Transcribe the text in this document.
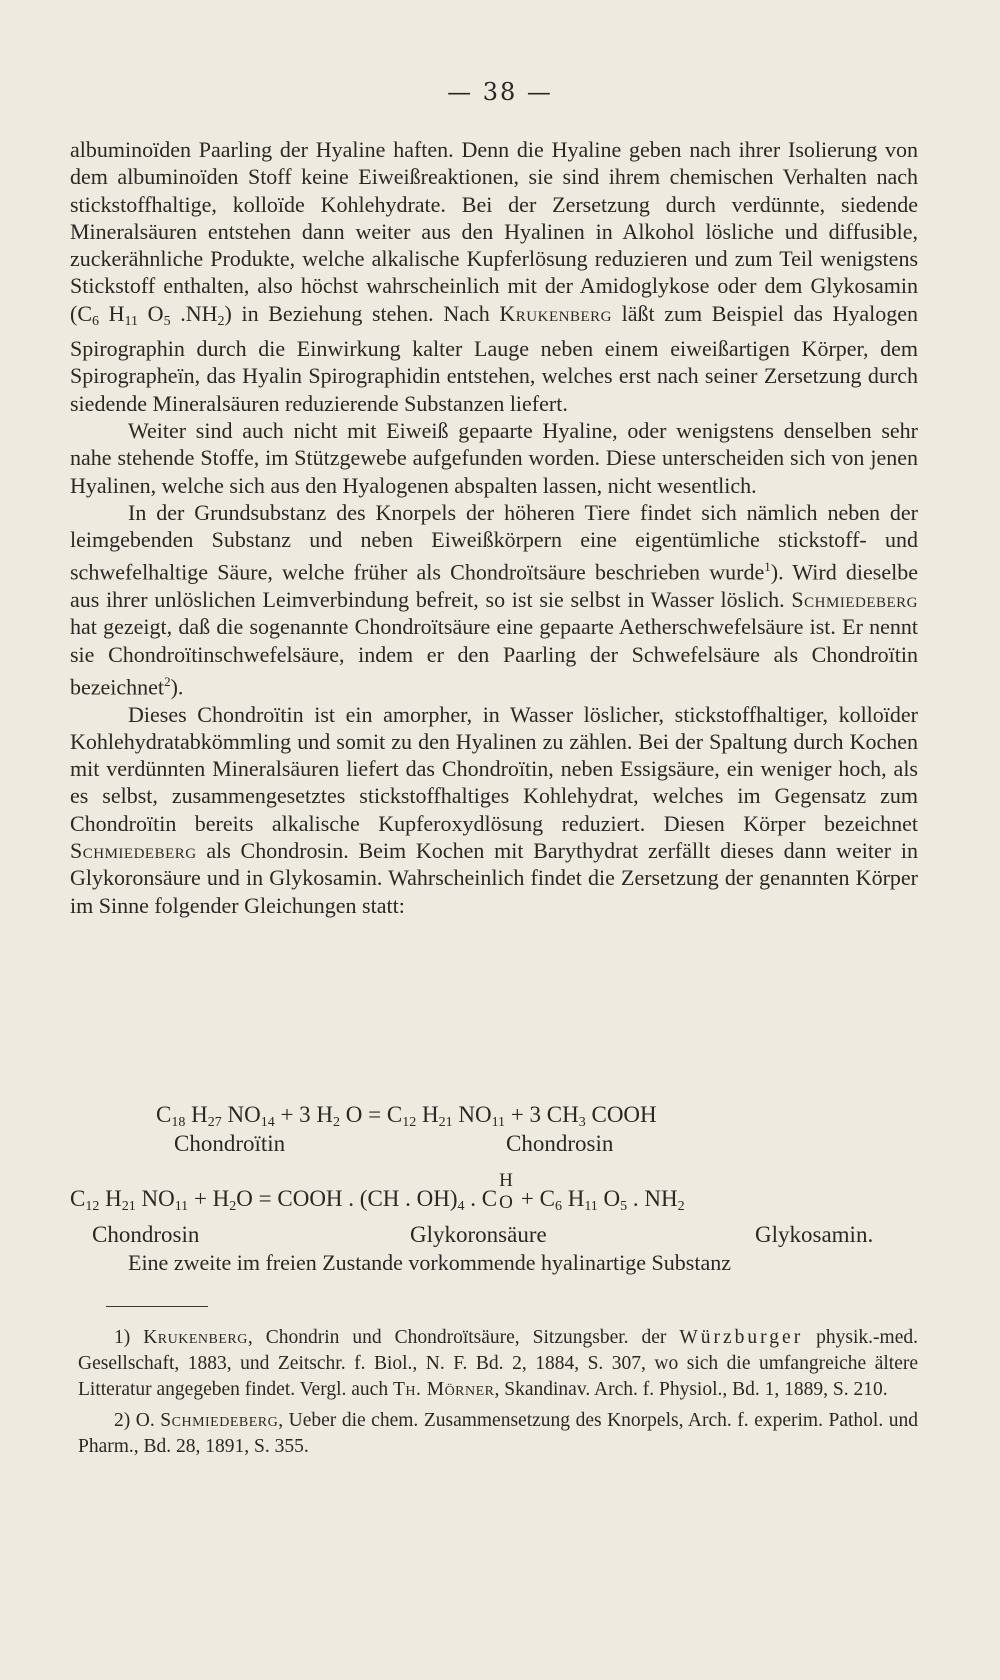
— 38 —

albuminoïden Paarling der Hyaline haften. Denn die Hyaline geben nach ihrer Isolierung von dem albuminoïden Stoff keine Eiweißreaktionen, sie sind ihrem chemischen Verhalten nach stickstoffhaltige, kolloïde Kohlehydrate. Bei der Zersetzung durch verdünnte, siedende Mineralsäuren entstehen dann weiter aus den Hyalinen in Alkohol lösliche und diffusible, zuckerähnliche Produkte, welche alkalische Kupferlösung reduzieren und zum Teil wenigstens Stickstoff enthalten, also höchst wahrscheinlich mit der Amidoglykose oder dem Glykosamin ($C_6$ $H_{11}$ $O_5$ $.NH_2$) in Beziehung stehen. Nach Krukenberg läßt zum Beispiel das Hyalogen Spirographin durch die Einwirkung kalter Lauge neben einem eiweißartigen Körper, dem Spirographeïn, das Hyalin Spirographidin entstehen, welches erst nach seiner Zersetzung durch siedende Mineralsäuren reduzierende Substanzen liefert.

Weiter sind auch nicht mit Eiweiß gepaarte Hyaline, oder wenigstens denselben sehr nahe stehende Stoffe, im Stützgewebe aufgefunden worden. Diese unterscheiden sich von jenen Hyalinen, welche sich aus den Hyalogenen abspalten lassen, nicht wesentlich.

In der Grundsubstanz des Knorpels der höheren Tiere findet sich nämlich neben der leimgebenden Substanz und neben Eiweißkörpern eine eigentümliche stickstoff- und schwefelhaltige Säure, welche früher als Chondroïtsäure beschrieben wurde$^1$). Wird dieselbe aus ihrer unlöslichen Leimverbindung befreit, so ist sie selbst in Wasser löslich. Schmiedeberg hat gezeigt, daß die sogenannte Chondroïtsäure eine gepaarte Aetherschwefelsäure ist. Er nennt sie Chondroïtinschwefelsäure, indem er den Paarling der Schwefelsäure als Chondroïtin bezeichnet$^2$).

Dieses Chondroïtin ist ein amorpher, in Wasser löslicher, stickstoffhaltiger, kolloïder Kohlehydratabkömmling und somit zu den Hyalinen zu zählen. Bei der Spaltung durch Kochen mit verdünnten Mineralsäuren liefert das Chondroïtin, neben Essigsäure, ein weniger hoch, als es selbst, zusammengesetztes stickstoffhaltiges Kohlehydrat, welches im Gegensatz zum Chondroïtin bereits alkalische Kupferoxydlösung reduziert. Diesen Körper bezeichnet Schmiedeberg als Chondrosin. Beim Kochen mit Barythydrat zerfällt dieses dann weiter in Glykoronsäure und in Glykosamin. Wahrscheinlich findet die Zersetzung der genannten Körper im Sinne folgender Gleichungen statt:

$C_{18}$ $H_{27}$ $NO_{14} + 3$ $H_2$ $O = C_{12}$ $H_{21}$ $NO_{11} + 3$ $CH_3$ COOH
Chondroïtin	Chondrosin
$C_{12}$ $H_{21}$ $NO_{11} + H_2O$ = COOH . (CH . $OH)_4$ . C
H
$O + C_6$ $H_{11}$ $O_5$ . $NH_2$
Chondrosin	Glykoronsäure	Glykosamin.
Eine zweite im freien Zustande vorkommende hyalinartige Substanz

1) Krukenberg, Chondrin und Chondroïtsäure, Sitzungsber. der Würzburger physik.-med. Gesellschaft, 1883, und Zeitschr. f. Biol., N. F. Bd. 2, 1884, S. 307, wo sich die umfangreiche ältere Litteratur angegeben findet. Vergl. auch Th. Mörner, Skandinav. Arch. f. Physiol., Bd. 1, 1889, S. 210.

2) O. Schmiedeberg, Ueber die chem. Zusammensetzung des Knorpels, Arch. f. experim. Pathol. und Pharm., Bd. 28, 1891, S. 355.
